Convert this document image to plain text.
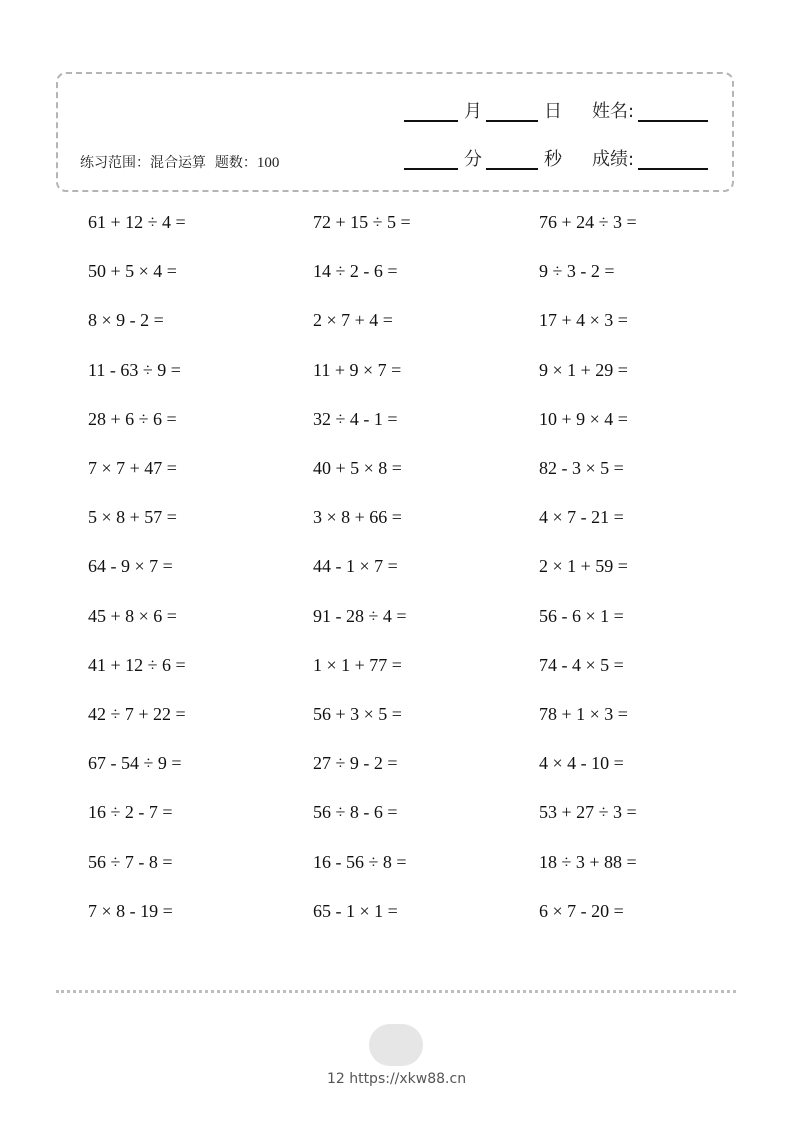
月	日 姓名:
练习范围：混合运算 题数：100	分	秒 成绩:
61 + 12 ÷ 4 =	72 + 15 ÷ 5 =	76 + 24 ÷ 3 =
50 + 5 × 4 =	14 ÷ 2 - 6 =	9 ÷ 3 - 2 =
8 × 9 - 2 =	2 × 7 + 4 =	17 + 4 × 3 =
11 - 63 ÷ 9 =	11 + 9 × 7 =	9 × 1 + 29 =
28 + 6 ÷ 6 =	32 ÷ 4 - 1 =	10 + 9 × 4 =
7 × 7 + 47 =	40 + 5 × 8 =	82 - 3 × 5 =
5 × 8 + 57 =	3 × 8 + 66 =	4 × 7 - 21 =
64 - 9 × 7 =	44 - 1 × 7 =	2 × 1 + 59 =
45 + 8 × 6 =	91 - 28 ÷ 4 =	56 - 6 × 1 =
41 + 12 ÷ 6 =	1 × 1 + 77 =	74 - 4 × 5 =
42 ÷ 7 + 22 =	56 + 3 × 5 =	78 + 1 × 3 =
67 - 54 ÷ 9 =	27 ÷ 9 - 2 =	4 × 4 - 10 =
16 ÷ 2 - 7 =	56 ÷ 8 - 6 =	53 + 27 ÷ 3 =
56 ÷ 7 - 8 =	16 - 56 ÷ 8 =	18 ÷ 3 + 88 =
7 × 8 - 19 =	65 - 1 × 1 =	6 × 7 - 20 =
12 https://xkw88.cn
